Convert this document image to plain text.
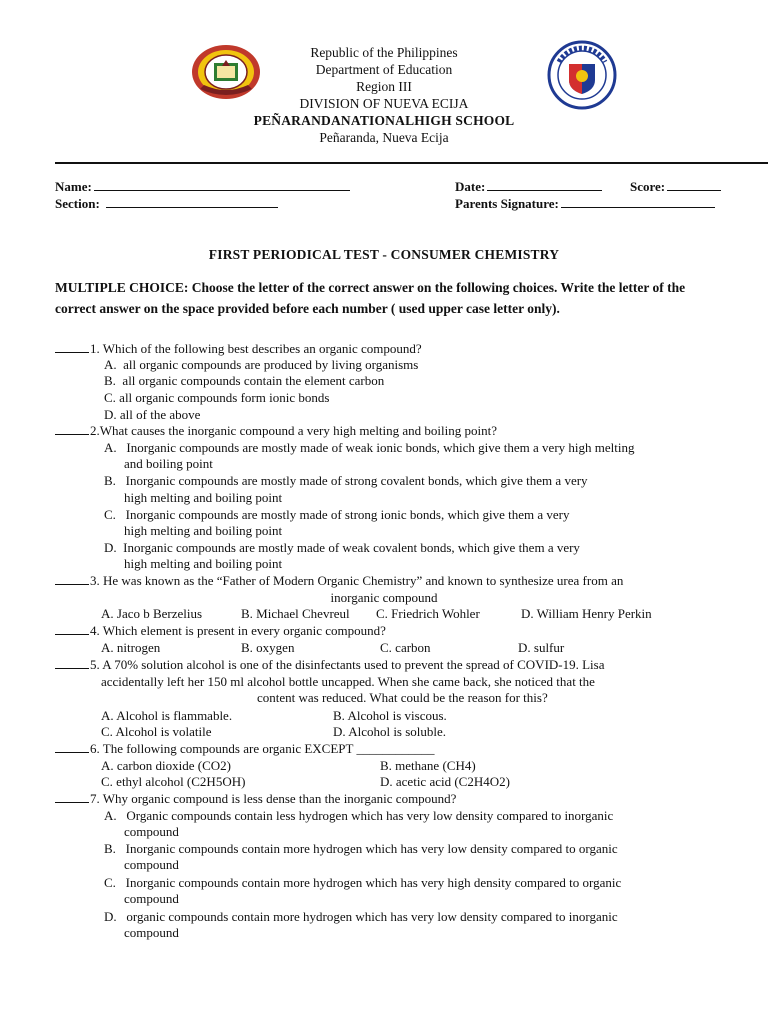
Republic of the Philippines
Department of Education
Region III
DIVISION OF NUEVA ECIJA
PEÑARANDANATIONALHIGH SCHOOL
Peñaranda, Nueva Ecija
Name:	Date:	Score:
Section:	Parents Signature:
FIRST PERIODICAL TEST - CONSUMER CHEMISTRY
MULTIPLE CHOICE: Choose the letter of the correct answer on the following choices. Write the letter of the correct answer on the space provided before each number ( used upper case letter only).
1. Which of the following best describes an organic compound?
A. all organic compounds are produced by living organisms
B. all organic compounds contain the element carbon
C. all organic compounds form ionic bonds
D. all of the above
2.What causes the inorganic compound a very high melting and boiling point?
A. Inorganic compounds are mostly made of weak ionic bonds, which give them a very high melting
and boiling point
B. Inorganic compounds are mostly made of strong covalent bonds, which give them a very
high melting and boiling point
C. Inorganic compounds are mostly made of strong ionic bonds, which give them a very
high melting and boiling point
D. Inorganic compounds are mostly made of weak covalent bonds, which give them a very
high melting and boiling point
3. He was known as the “Father of Modern Organic Chemistry” and known to synthesize urea from an
inorganic compound
A. Jaco b Berzelius	B. Michael Chevreul C. Friedrich Wohler	D. William Henry Perkin
4. Which element is present in every organic compound?
A. nitrogen	B. oxygen	C. carbon	D. sulfur
5. A 70% solution alcohol is one of the disinfectants used to prevent the spread of COVID-19. Lisa
accidentally left her 150 ml alcohol bottle uncapped. When she came back, she noticed that the
content was reduced. What could be the reason for this?
A. Alcohol is flammable.	B. Alcohol is viscous.
C. Alcohol is volatile	D. Alcohol is soluble.
6. The following compounds are organic EXCEPT ____________
A. carbon dioxide (CO2)	B. methane (CH4)
C. ethyl alcohol (C2H5OH)	D. acetic acid (C2H4O2)
7. Why organic compound is less dense than the inorganic compound?
A. Organic compounds contain less hydrogen which has very low density compared to inorganic
compound
B. Inorganic compounds contain more hydrogen which has very low density compared to organic
compound
C. Inorganic compounds contain more hydrogen which has very high density compared to organic
compound
D. organic compounds contain more hydrogen which has very low density compared to inorganic
compound
